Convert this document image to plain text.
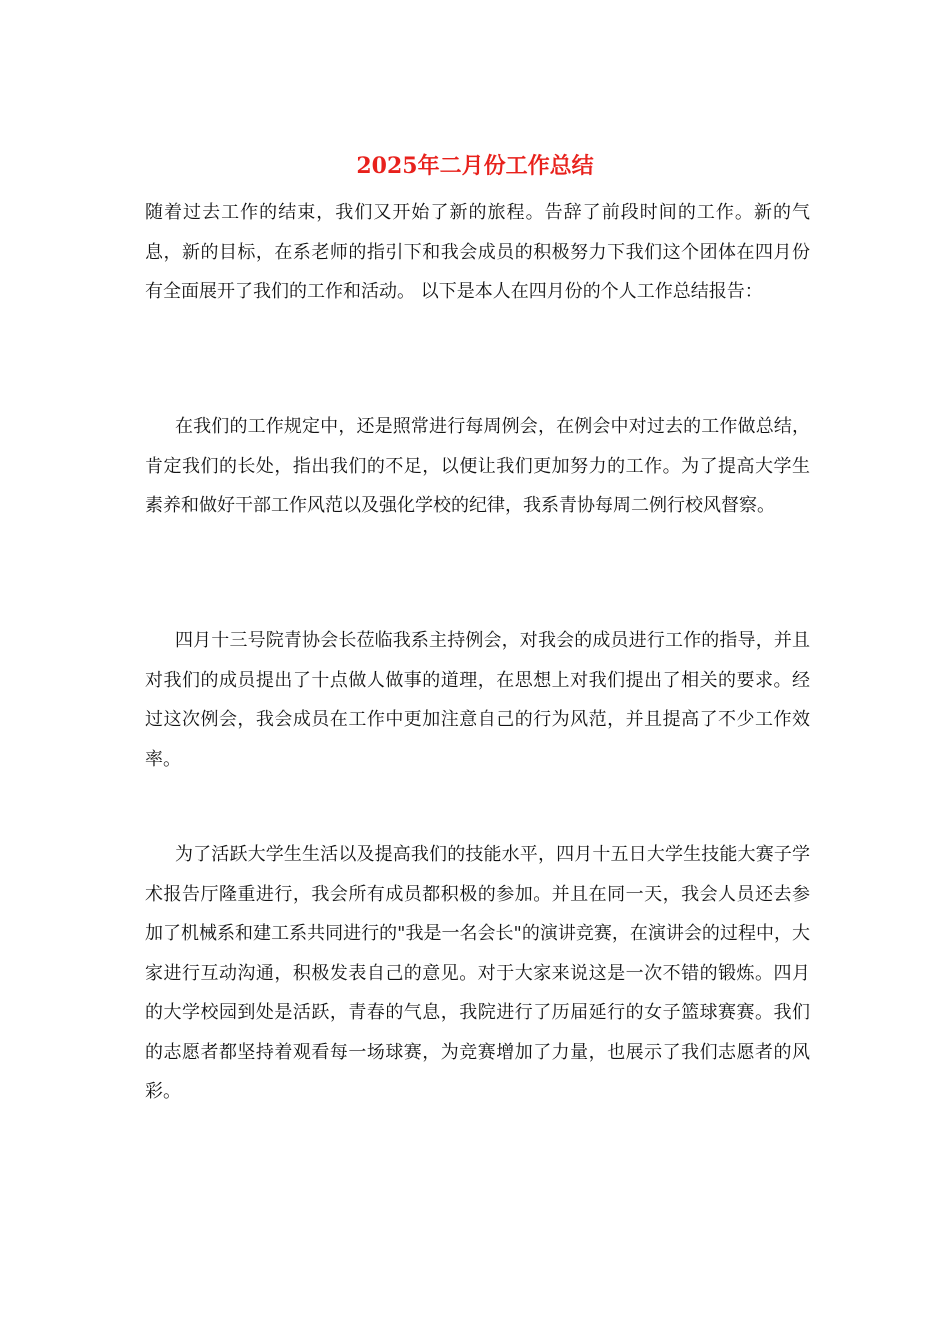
2025年二月份工作总结

随着过去工作的结束，我们又开始了新的旅程。告辞了前段时间的工作。新的气息，新的目标，在系老师的指引下和我会成员的积极努力下我们这个团体在四月份有全面展开了我们的工作和活动。 以下是本人在四月份的个人工作总结报告：

在我们的工作规定中，还是照常进行每周例会，在例会中对过去的工作做总结，肯定我们的长处，指出我们的不足，以便让我们更加努力的工作。为了提高大学生素养和做好干部工作风范以及强化学校的纪律，我系青协每周二例行校风督察。

四月十三号院青协会长莅临我系主持例会，对我会的成员进行工作的指导，并且对我们的成员提出了十点做人做事的道理，在思想上对我们提出了相关的要求。经过这次例会，我会成员在工作中更加注意自己的行为风范，并且提高了不少工作效率。

为了活跃大学生生活以及提高我们的技能水平，四月十五日大学生技能大赛子学术报告厅隆重进行，我会所有成员都积极的参加。并且在同一天，我会人员还去参加了机械系和建工系共同进行的"我是一名会长"的演讲竞赛，在演讲会的过程中，大家进行互动沟通，积极发表自己的意见。对于大家来说这是一次不错的锻炼。四月的大学校园到处是活跃，青春的气息，我院进行了历届延行的女子篮球赛赛。我们的志愿者都坚持着观看每一场球赛，为竞赛增加了力量，也展示了我们志愿者的风彩。
